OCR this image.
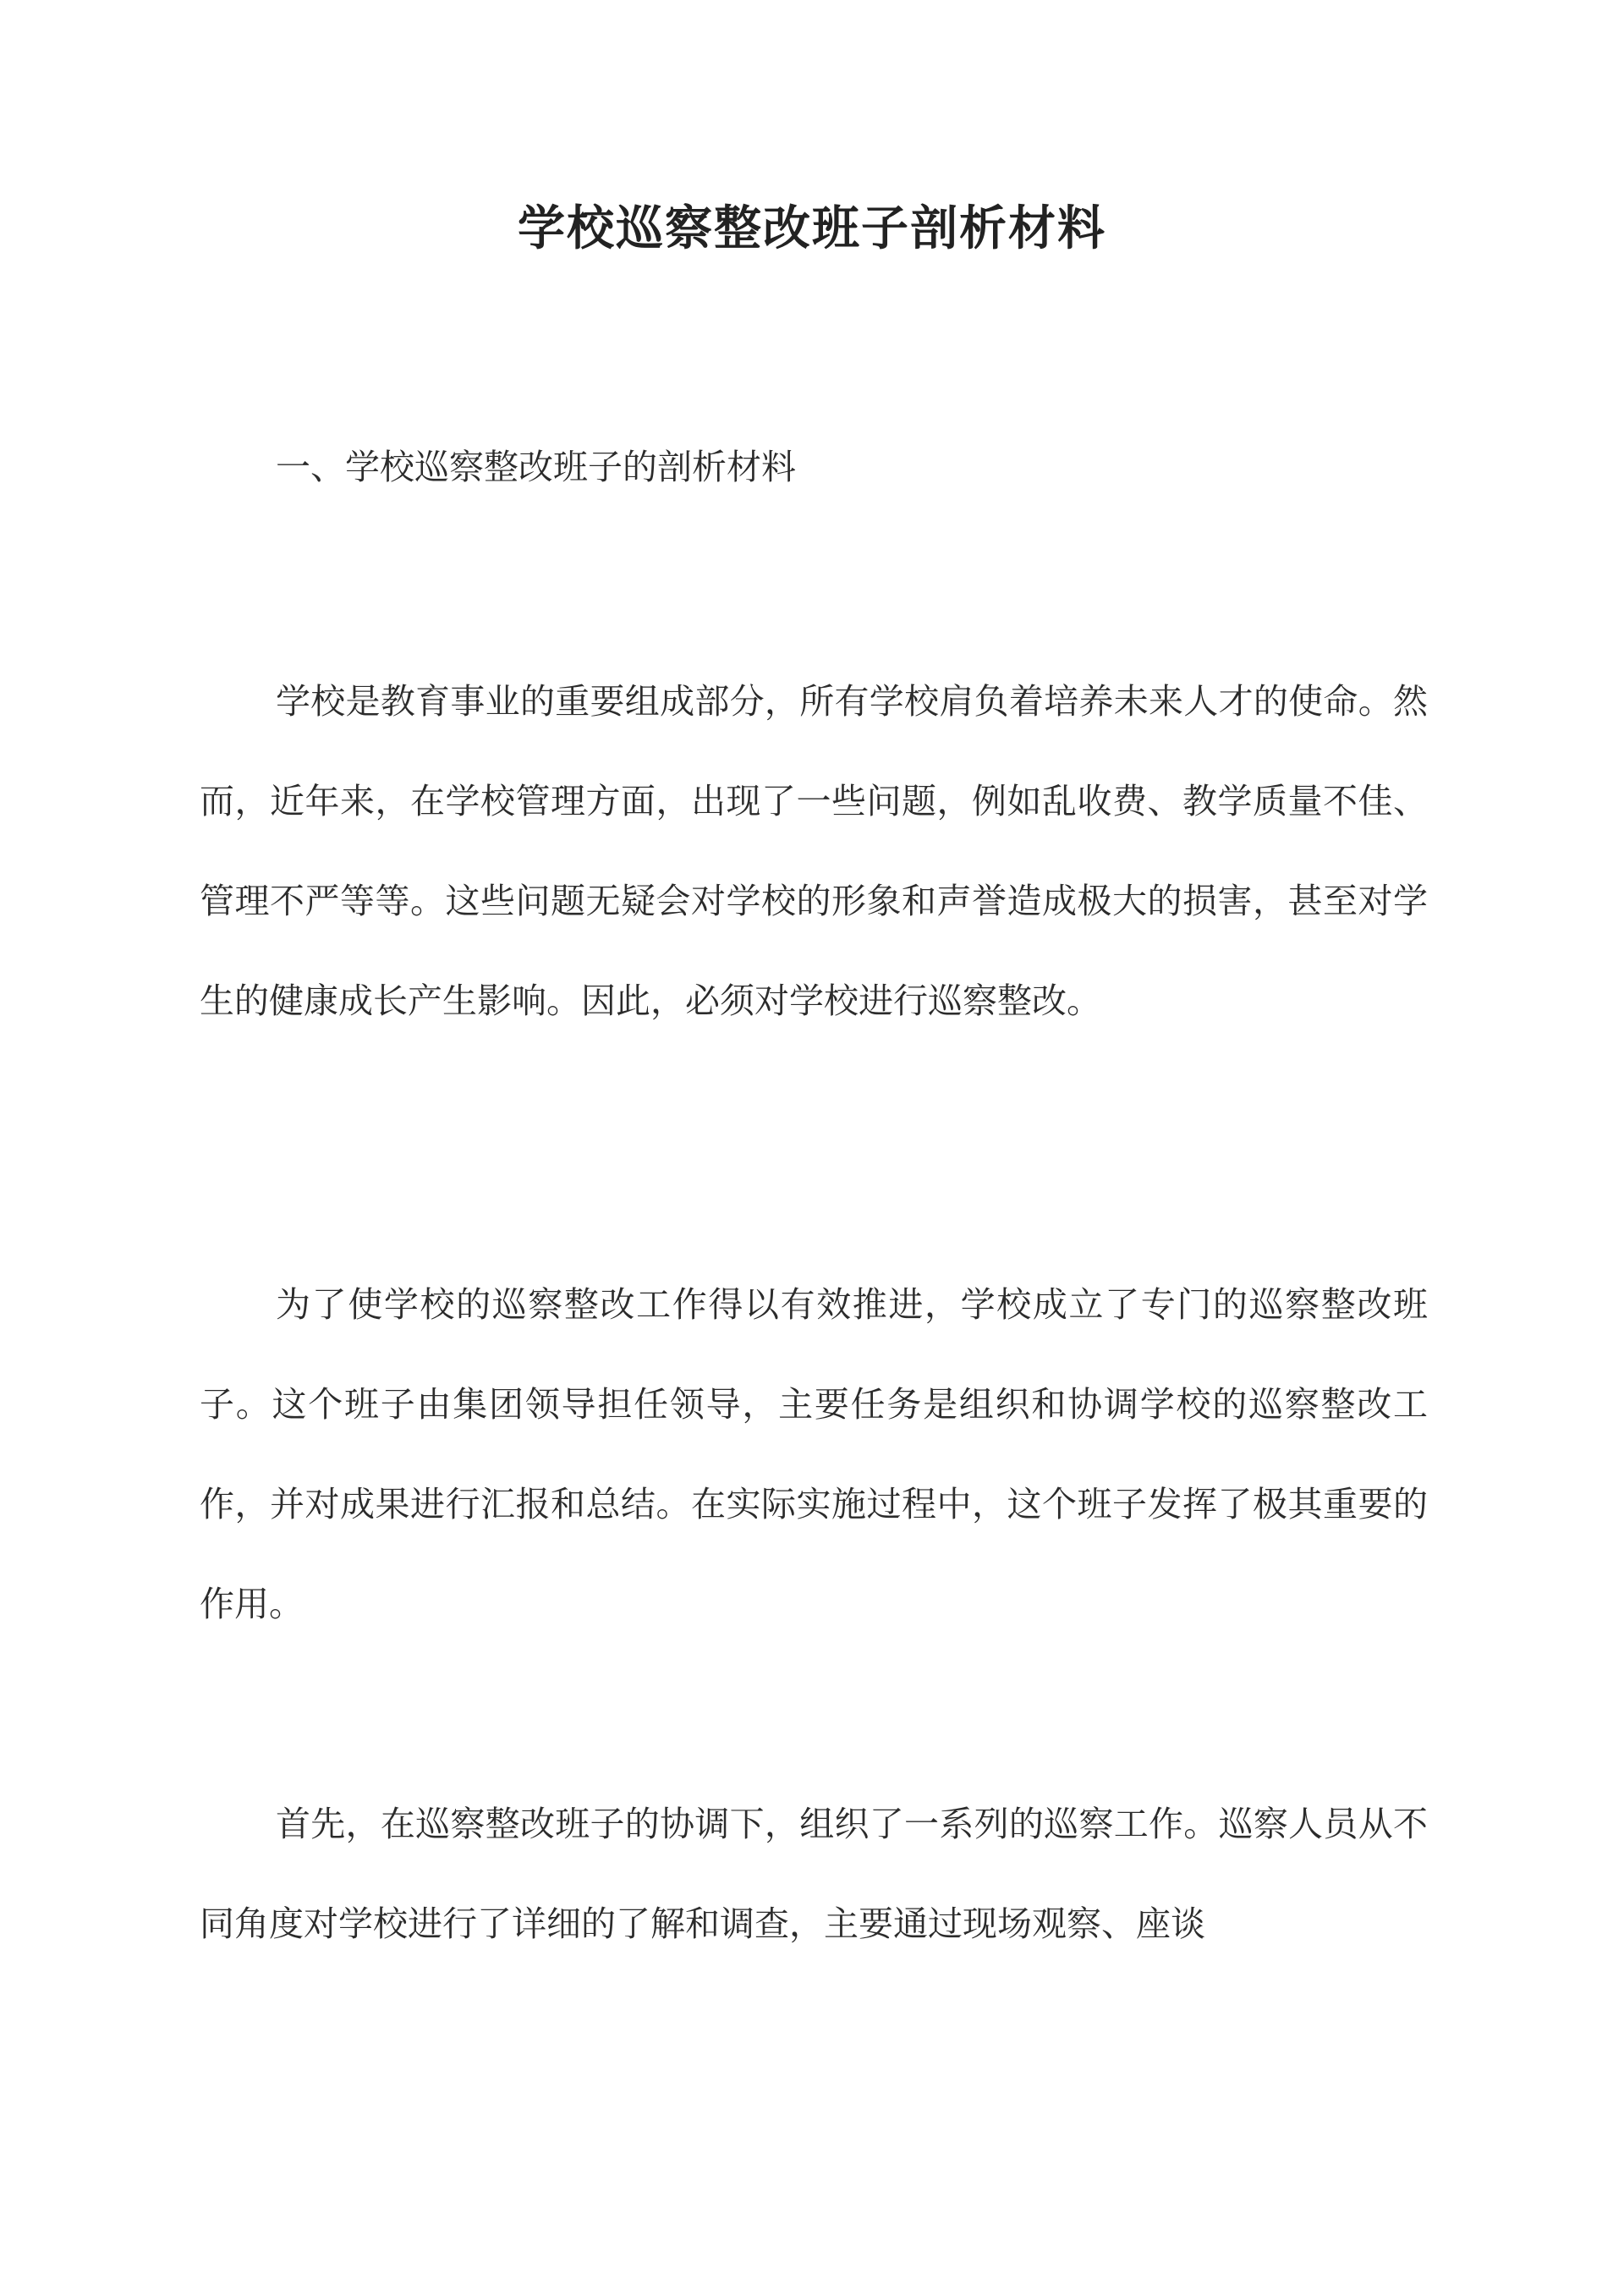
学校巡察整改班子剖析材料
一、学校巡察整改班子的剖析材料

学校是教育事业的重要组成部分，所有学校肩负着培养未来人才的使命。然而，近年来，在学校管理方面，出现了一些问题，例如乱收费、教学质量不佳、管理不严等等。这些问题无疑会对学校的形象和声誉造成极大的损害，甚至对学生的健康成长产生影响。因此，必须对学校进行巡察整改。

为了使学校的巡察整改工作得以有效推进，学校成立了专门的巡察整改班子。这个班子由集团领导担任领导，主要任务是组织和协调学校的巡察整改工作，并对成果进行汇报和总结。在实际实施过程中，这个班子发挥了极其重要的作用。

首先，在巡察整改班子的协调下，组织了一系列的巡察工作。巡察人员从不同角度对学校进行了详细的了解和调查，主要通过现场观察、座谈
